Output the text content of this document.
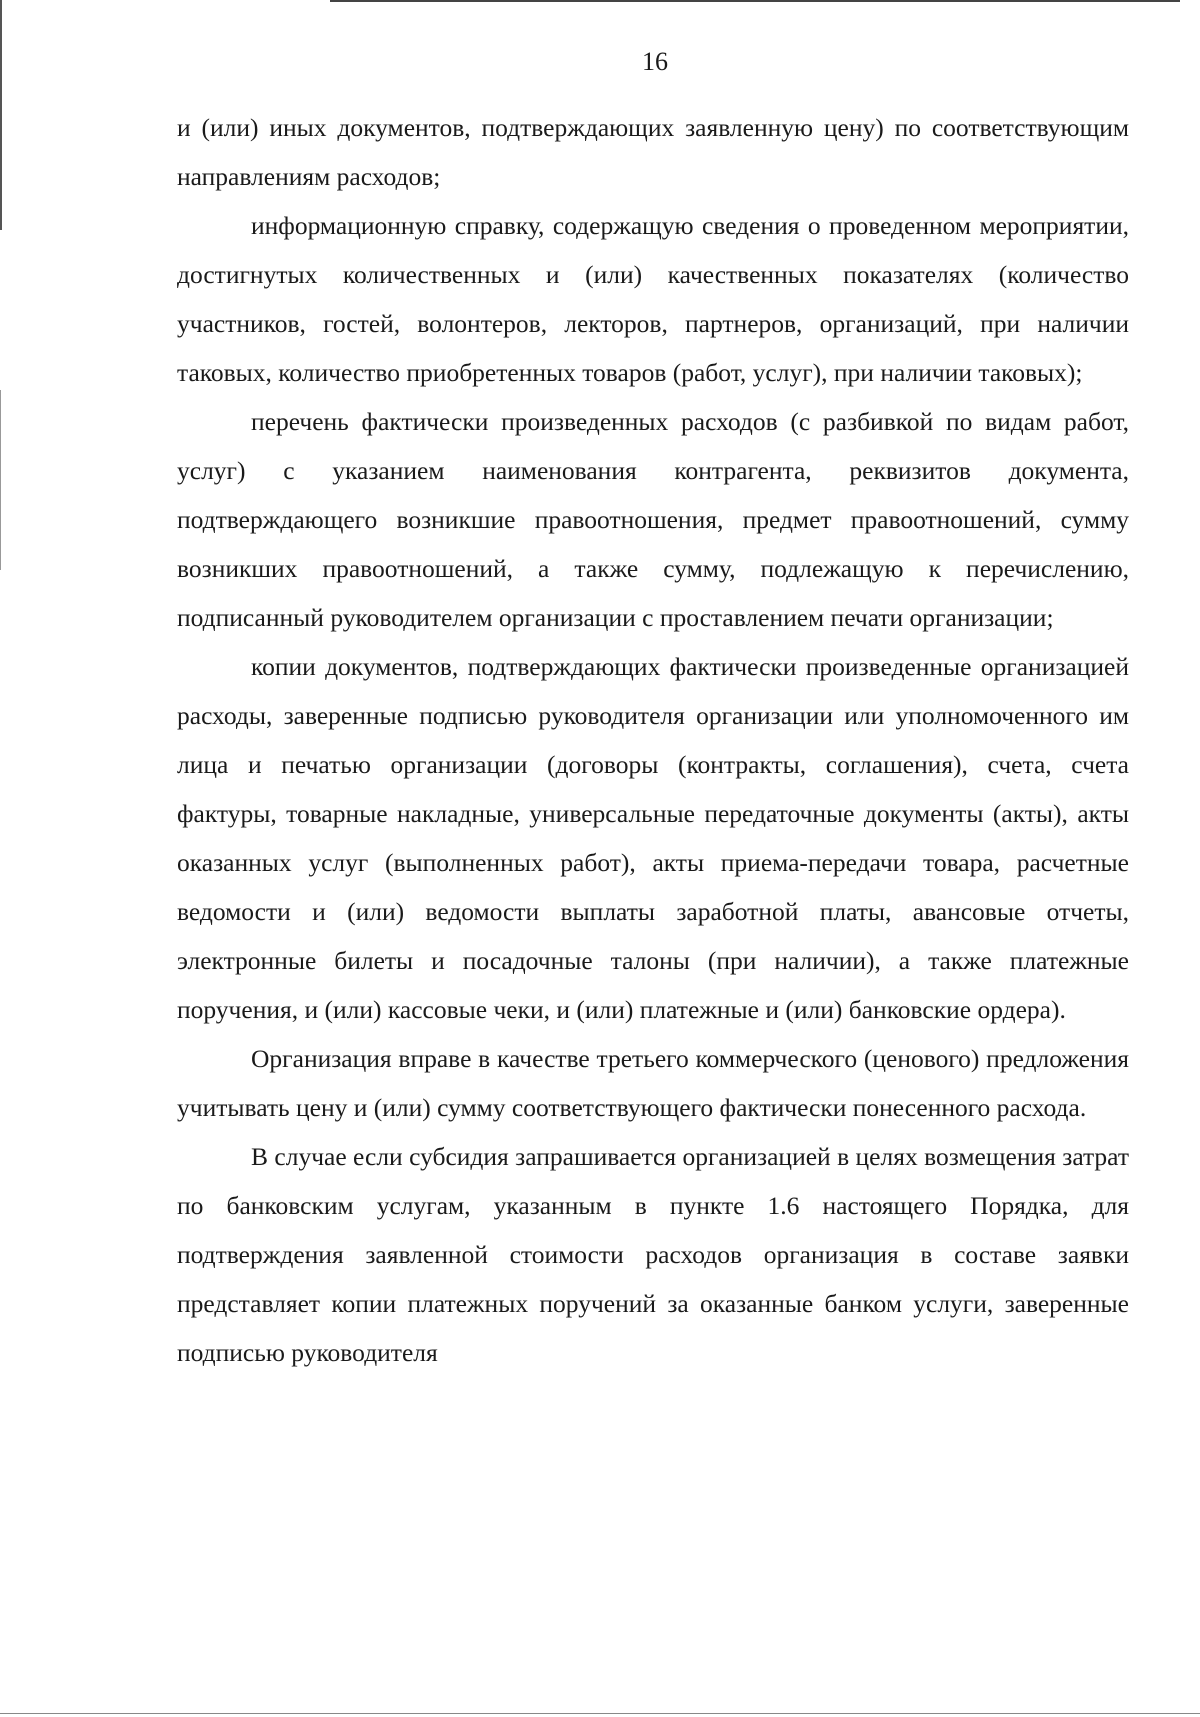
16

и (или) иных документов, подтверждающих заявленную цену) по соответствующим направлениям расходов;

информационную справку, содержащую сведения о проведенном мероприятии, достигнутых количественных и (или) качественных показателях (количество участников, гостей, волонтеров, лекторов, партнеров, организаций, при наличии таковых, количество приобретенных товаров (работ, услуг), при наличии таковых);

перечень фактически произведенных расходов (с разбивкой по видам работ, услуг) с указанием наименования контрагента, реквизитов документа, подтверждающего возникшие правоотношения, предмет правоотношений, сумму возникших правоотношений, а также сумму, подлежащую к перечислению, подписанный руководителем организации с проставлением печати организации;

копии документов, подтверждающих фактически произведенные организацией расходы, заверенные подписью руководителя организации или уполномоченного им лица и печатью организации (договоры (контракты, соглашения), счета, счета фактуры, товарные накладные, универсальные передаточные документы (акты), акты оказанных услуг (выполненных работ), акты приема-передачи товара, расчетные ведомости и (или) ведомости выплаты заработной платы, авансовые отчеты, электронные билеты и посадочные талоны (при наличии), а также платежные поручения, и (или) кассовые чеки, и (или) платежные и (или) банковские ордера).

Организация вправе в качестве третьего коммерческого (ценового) предложения учитывать цену и (или) сумму соответствующего фактически понесенного расхода.

В случае если субсидия запрашивается организацией в целях возмещения затрат по банковским услугам, указанным в пункте 1.6 настоящего Порядка, для подтверждения заявленной стоимости расходов организация в составе заявки представляет копии платежных поручений за оказанные банком услуги, заверенные подписью руководителя
